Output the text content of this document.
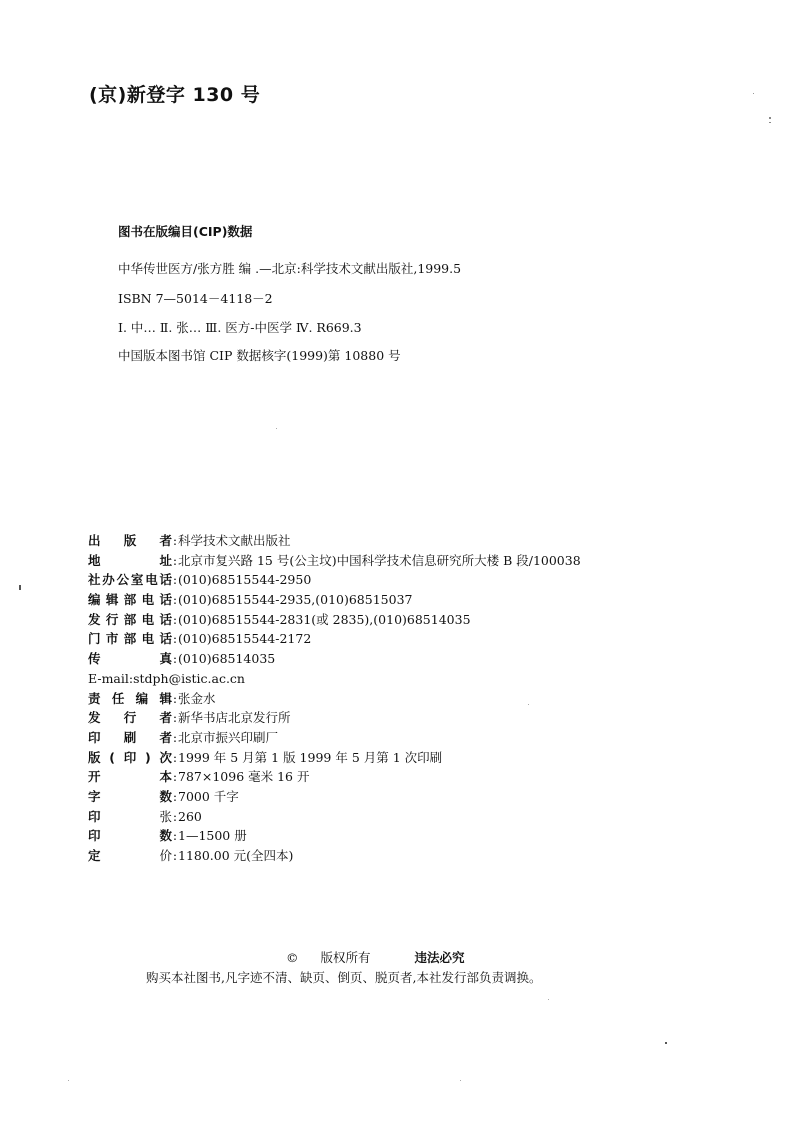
(京)新登字 130 号
图书在版编目(CIP)数据
中华传世医方/张方胜 编 .—北京:科学技术文献出版社,1999.5
ISBN 7—5014－4118－2
Ⅰ. 中… Ⅱ. 张… Ⅲ. 医方-中医学 Ⅳ. R669.3
中国版本图书馆 CIP 数据核字(1999)第 10880 号
出 版 者 : 科学技术文献出版社
地	址 : 北京市复兴路 15 号(公主坟)中国科学技术信息研究所大楼 B 段/100038
社 办 公 室 电 话 : (010)68515544-2950
编 辑 部 电 话 : (010)68515544-2935,(010)68515037
发 行 部 电 话 : (010)68515544-2831(或 2835),(010)68514035
门 市 部 电 话 : (010)68515544-2172
传	真 : (010)68514035
E-mail:stdph@istic.ac.cn
责 任 编 辑 : 张金水
发 行 者 : 新华书店北京发行所
印 刷 者 : 北京市振兴印刷厂
版 ( 印 ) 次 : 1999 年 5 月第 1 版 1999 年 5 月第 1 次印刷
开	本 : 787×1096 毫米 16 开
字	数 : 7000 千字
印	张 : 260
印	数 : 1—1500 册
定	价 : 1180.00 元(全四本)
© 版权所有	违法必究
购买本社图书,凡字迹不清、缺页、倒页、脱页者,本社发行部负责调换。
